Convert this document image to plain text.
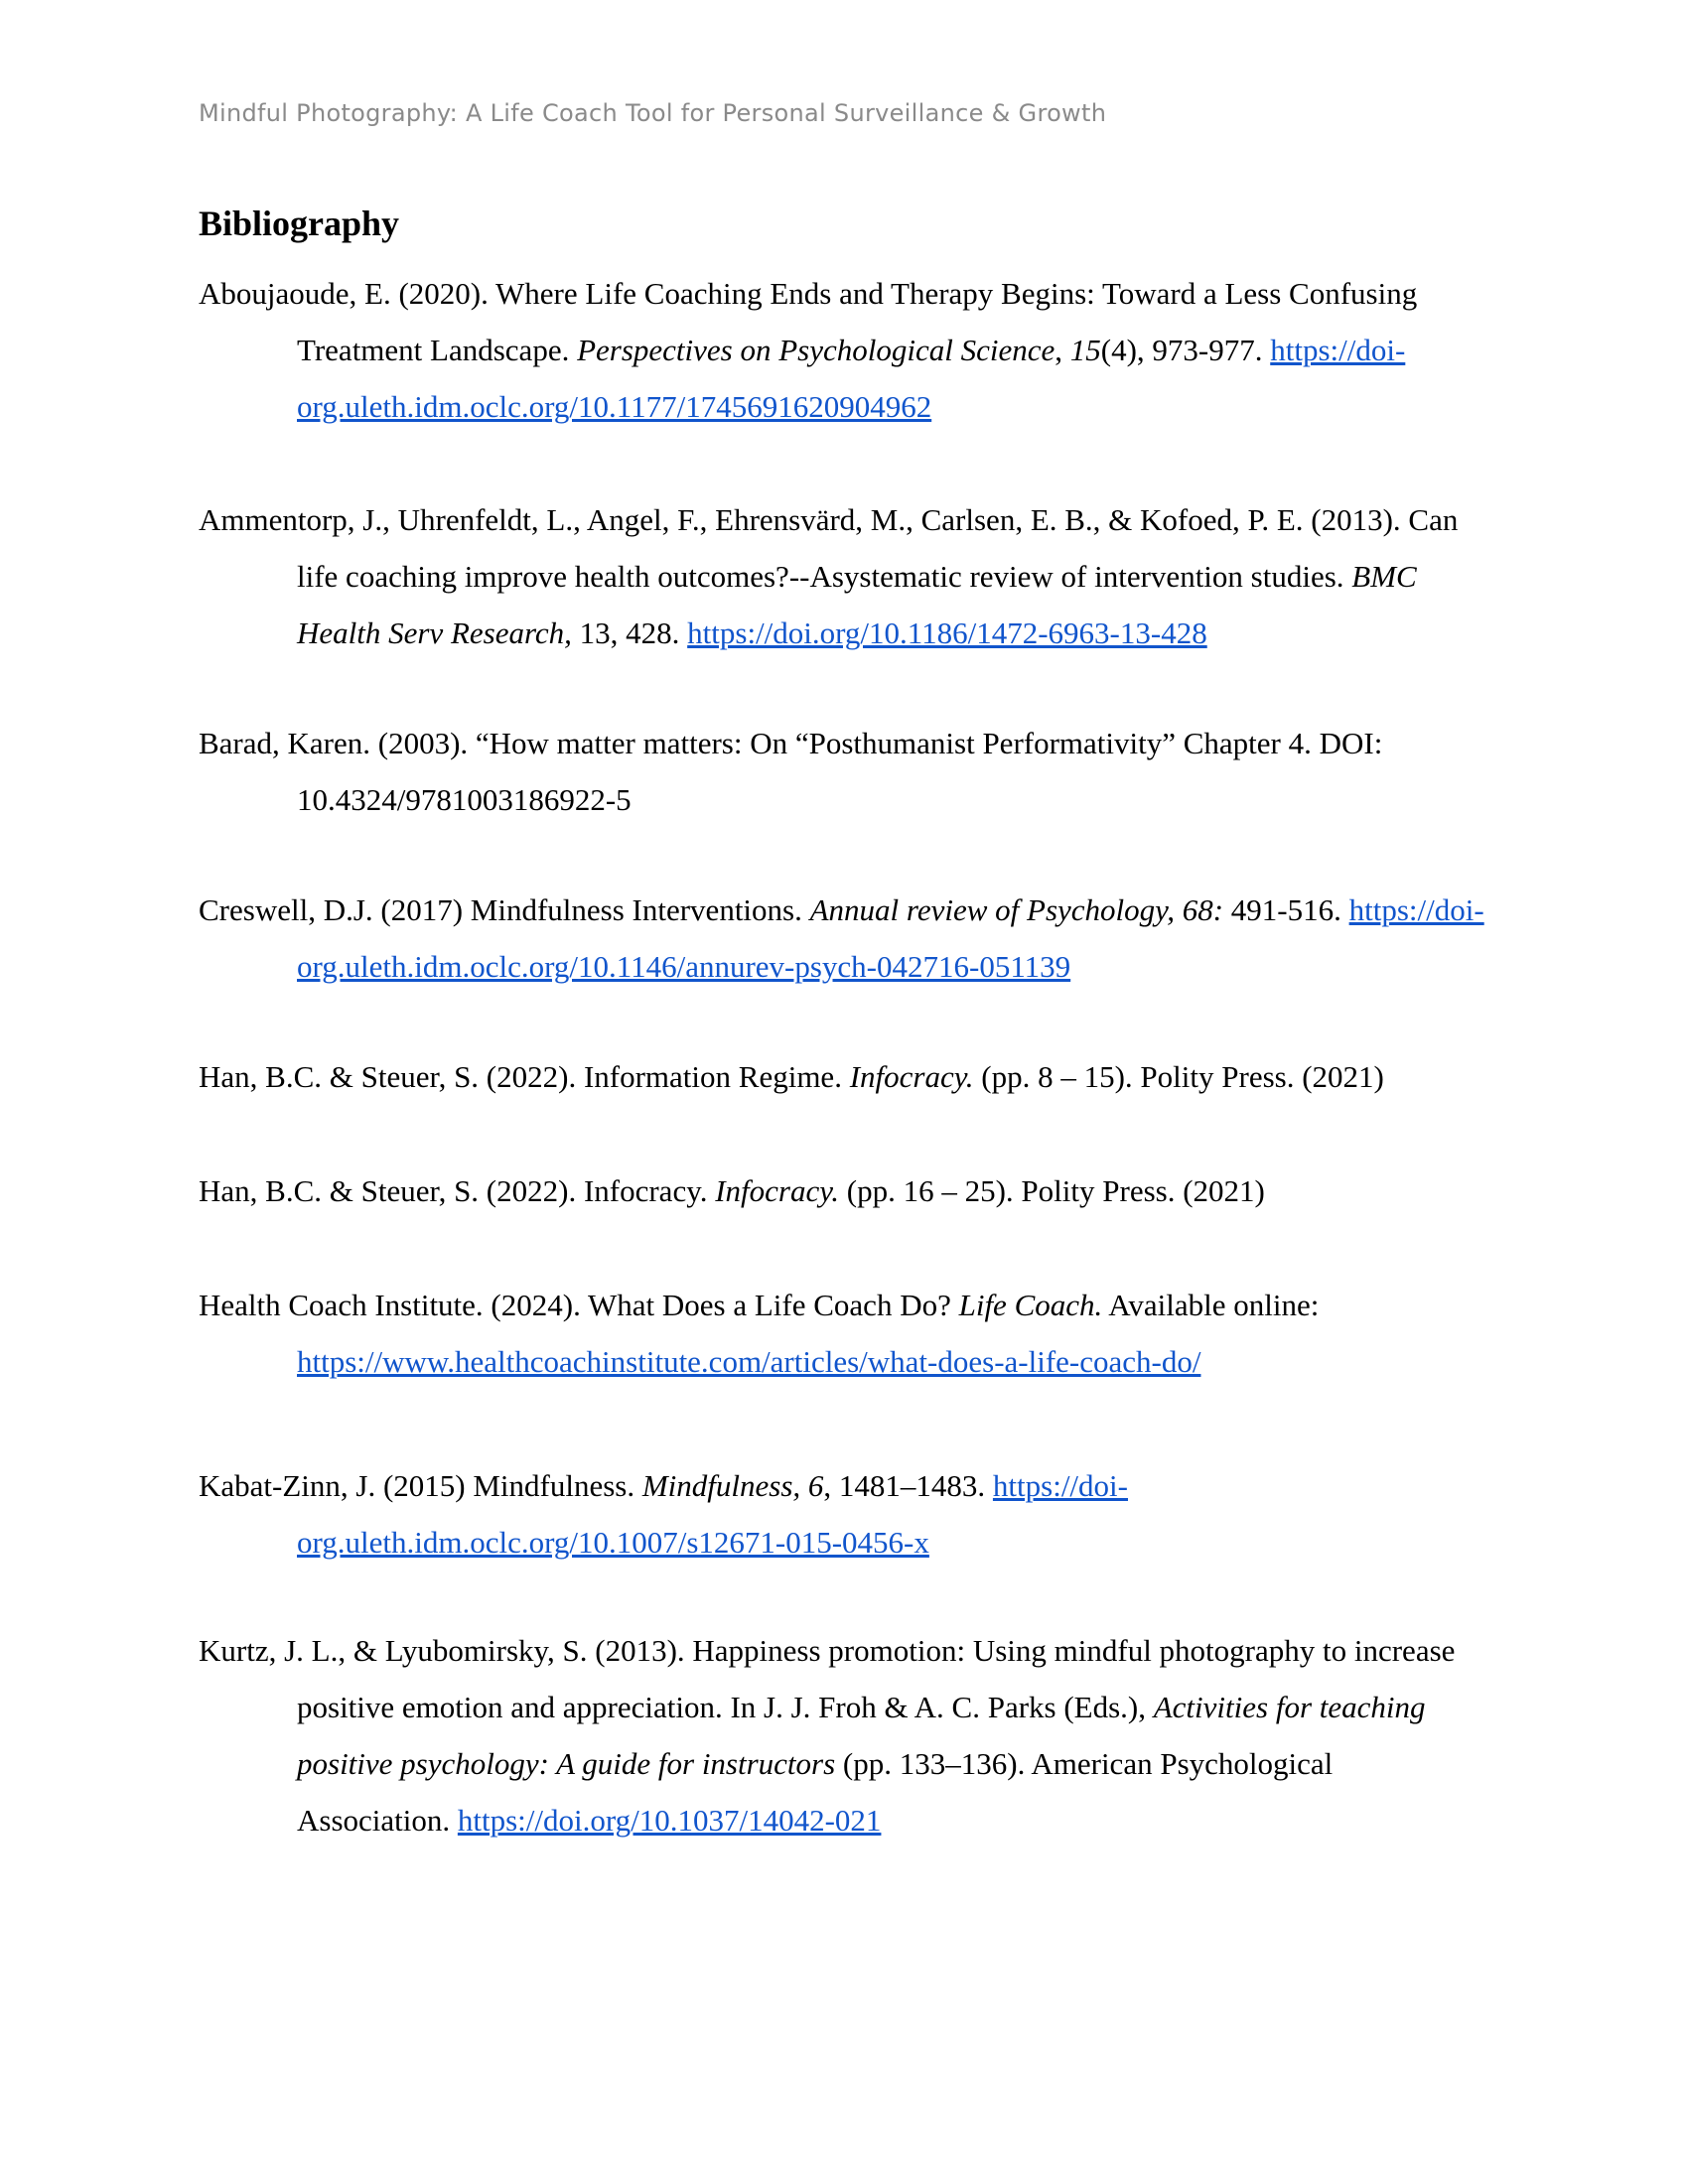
Mindful Photography: A Life Coach Tool for Personal Surveillance & Growth
Bibliography

Aboujaoude, E. (2020). Where Life Coaching Ends and Therapy Begins: Toward a Less Confusing Treatment Landscape. Perspectives on Psychological Science, 15(4), 973-977. https://doi-org.uleth.idm.oclc.org/10.1177/1745691620904962

Ammentorp, J., Uhrenfeldt, L., Angel, F., Ehrensvärd, M., Carlsen, E. B., & Kofoed, P. E. (2013). Can life coaching improve health outcomes?--Asystematic review of intervention studies. BMC Health Serv Research, 13, 428. https://doi.org/10.1186/1472-6963-13-428

Barad, Karen. (2003). “How matter matters: On “Posthumanist Performativity” Chapter 4. DOI: 10.4324/9781003186922-5

Creswell, D.J. (2017) Mindfulness Interventions. Annual review of Psychology, 68: 491-516. https://doi-org.uleth.idm.oclc.org/10.1146/annurev-psych-042716-051139

Han, B.C. & Steuer, S. (2022). Information Regime. Infocracy. (pp. 8 – 15). Polity Press. (2021)

Han, B.C. & Steuer, S. (2022). Infocracy. Infocracy. (pp. 16 – 25). Polity Press. (2021)

Health Coach Institute. (2024). What Does a Life Coach Do? Life Coach. Available online: https://www.healthcoachinstitute.com/articles/what-does-a-life-coach-do/

Kabat-Zinn, J. (2015) Mindfulness. Mindfulness, 6, 1481–1483. https://doi-org.uleth.idm.oclc.org/10.1007/s12671-015-0456-x

Kurtz, J. L., & Lyubomirsky, S. (2013). Happiness promotion: Using mindful photography to increase positive emotion and appreciation. In J. J. Froh & A. C. Parks (Eds.), Activities for teaching positive psychology: A guide for instructors (pp. 133–136). American Psychological Association. https://doi.org/10.1037/14042-021
